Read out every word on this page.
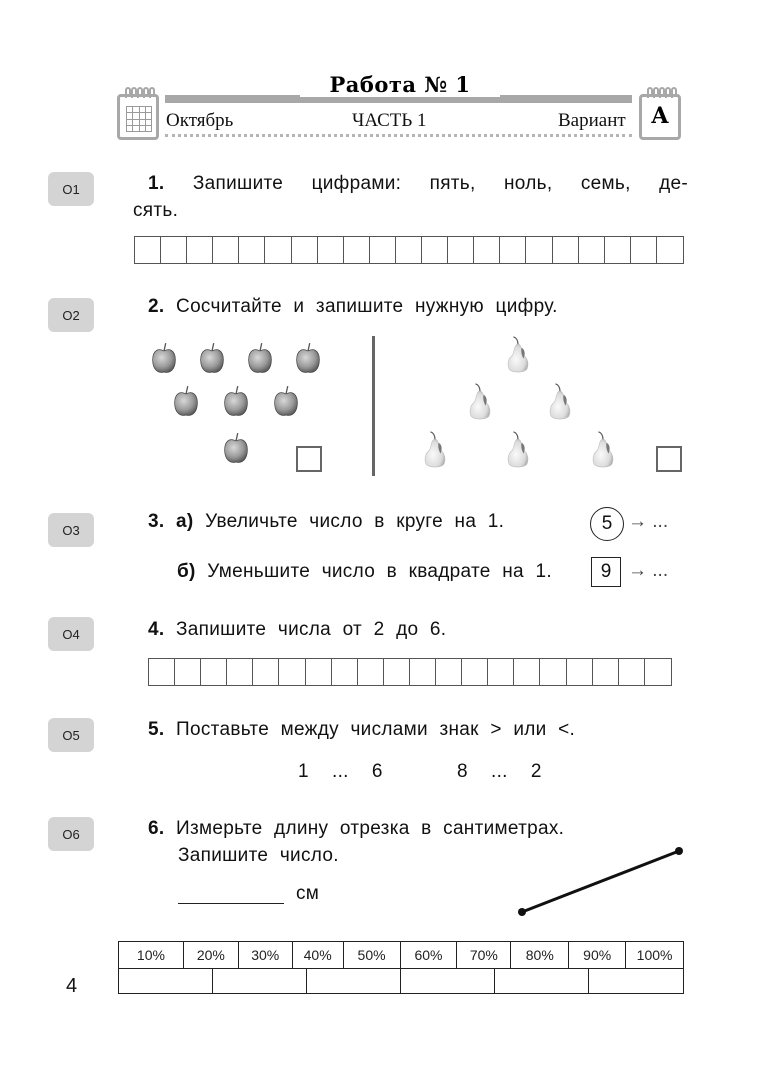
Работа № 1
Октябрь	ЧАСТЬ 1	Вариант	А
О1	1. Запишите цифрами: пять, ноль, семь, де-
сять.
О2	2. Сосчитайте и запишите нужную цифру.
О3	3. а) Увеличьте число в круге на 1.	5 → ...
б) Уменьшите число в квадрате на 1.	9 → ...
О4	4. Запишите числа от 2 до 6.
О5	5. Поставьте между числами знак > или <.
1  ...  6	8  ...  2
О6	6. Измерьте длину отрезка в сантиметрах.
Запишите число.
см
10%	20%	30%	40%	50%	60%	70%	80%	90%	100%
4
